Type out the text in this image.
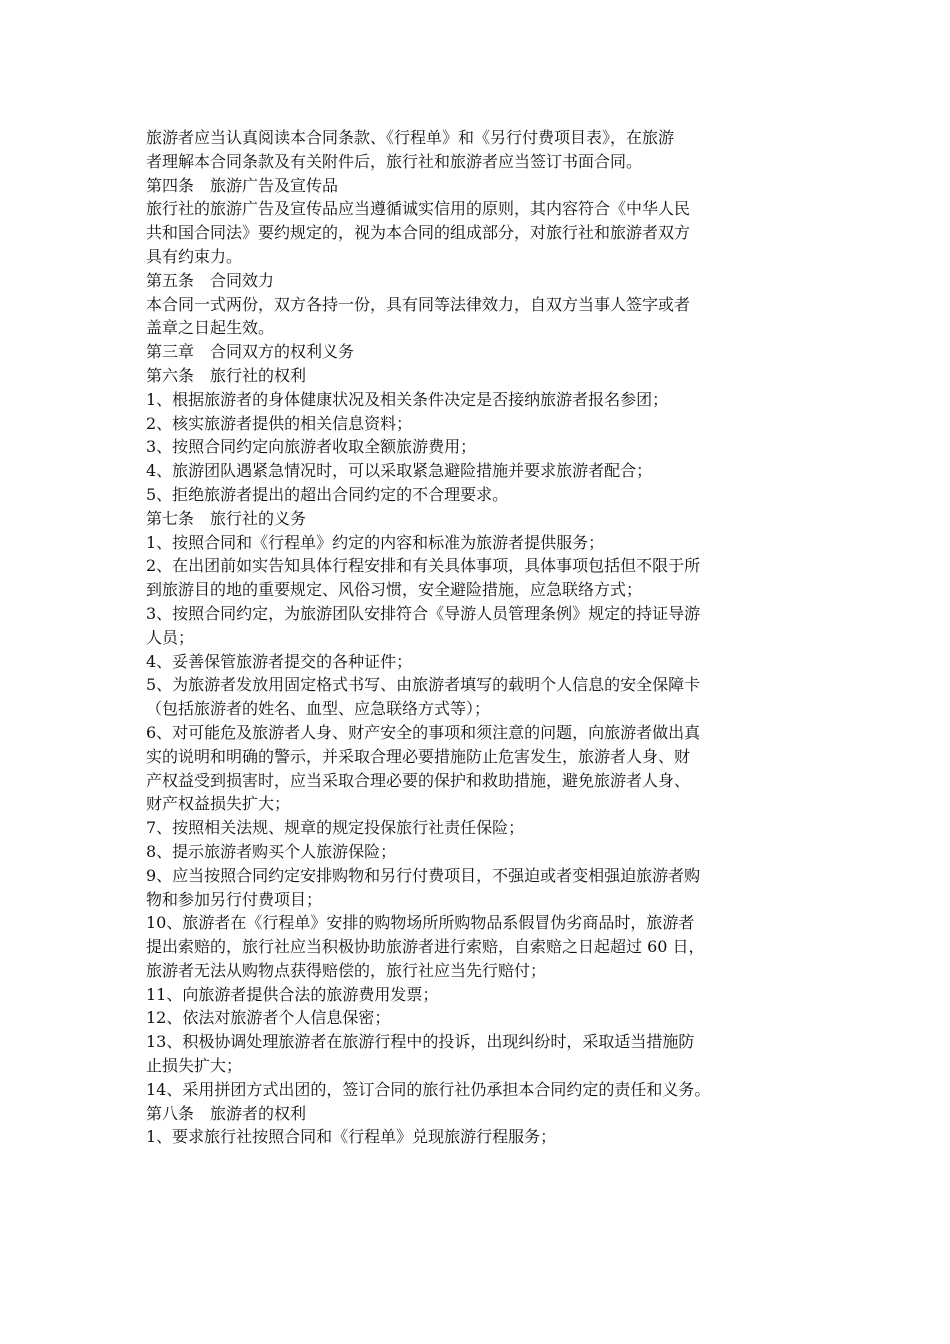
旅游者应当认真阅读本合同条款、《行程单》和《另行付费项目表》，在旅游
者理解本合同条款及有关附件后，旅行社和旅游者应当签订书面合同。
第四条　旅游广告及宣传品
旅行社的旅游广告及宣传品应当遵循诚实信用的原则，其内容符合《中华人民
共和国合同法》要约规定的，视为本合同的组成部分，对旅行社和旅游者双方
具有约束力。
第五条　合同效力
本合同一式两份，双方各持一份，具有同等法律效力，自双方当事人签字或者
盖章之日起生效。
第三章　合同双方的权利义务
第六条　旅行社的权利
1、根据旅游者的身体健康状况及相关条件决定是否接纳旅游者报名参团；
2、核实旅游者提供的相关信息资料；
3、按照合同约定向旅游者收取全额旅游费用；
4、旅游团队遇紧急情况时，可以采取紧急避险措施并要求旅游者配合；
5、拒绝旅游者提出的超出合同约定的不合理要求。
第七条　旅行社的义务
1、按照合同和《行程单》约定的内容和标准为旅游者提供服务；
2、在出团前如实告知具体行程安排和有关具体事项，具体事项包括但不限于所
到旅游目的地的重要规定、风俗习惯，安全避险措施，应急联络方式；
3、按照合同约定，为旅游团队安排符合《导游人员管理条例》规定的持证导游
人员；
4、妥善保管旅游者提交的各种证件；
5、为旅游者发放用固定格式书写、由旅游者填写的载明个人信息的安全保障卡
（包括旅游者的姓名、血型、应急联络方式等）；
6、对可能危及旅游者人身、财产安全的事项和须注意的问题，向旅游者做出真
实的说明和明确的警示，并采取合理必要措施防止危害发生，旅游者人身、财
产权益受到损害时，应当采取合理必要的保护和救助措施，避免旅游者人身、
财产权益损失扩大；
7、按照相关法规、规章的规定投保旅行社责任保险；
8、提示旅游者购买个人旅游保险；
9、应当按照合同约定安排购物和另行付费项目，不强迫或者变相强迫旅游者购
物和参加另行付费项目；
10、旅游者在《行程单》安排的购物场所所购物品系假冒伪劣商品时，旅游者
提出索赔的，旅行社应当积极协助旅游者进行索赔，自索赔之日起超过 60 日，
旅游者无法从购物点获得赔偿的，旅行社应当先行赔付；
11、向旅游者提供合法的旅游费用发票；
12、依法对旅游者个人信息保密；
13、积极协调处理旅游者在旅游行程中的投诉，出现纠纷时，采取适当措施防
止损失扩大；
14、采用拼团方式出团的，签订合同的旅行社仍承担本合同约定的责任和义务。
第八条　旅游者的权利
1、要求旅行社按照合同和《行程单》兑现旅游行程服务；
